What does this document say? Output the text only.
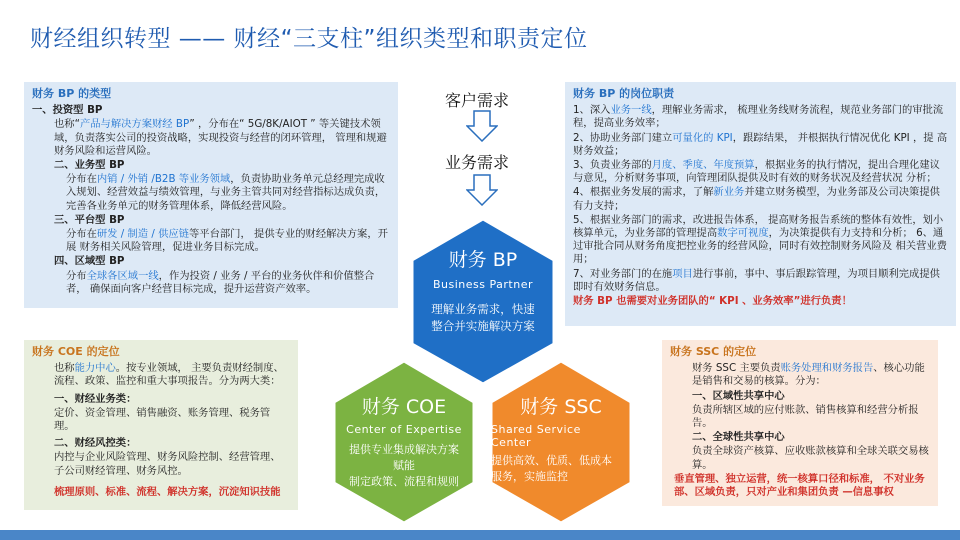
财经组织转型 —— 财经“三支柱”组织类型和职责定位
财务 BP 的类型
一、投资型 BP
也称“产品与解决方案财经 BP” ，分布在“ 5G/8K/AIOT ” 等关键技术领域，负责落实公司的投资战略，实现投资与经营的闭环管理， 管理和规避财务风险和运营风险。
二、业务型 BP
分布在内销 / 外销 /B2B 等业务领域，负责协助业务单元总经理完成收入规划、经营效益与绩效管理，与业务主管共同对经营指标达成负责，完善各业务单元的财务管理体系，降低经营风险。
三、平台型 BP
分布在研发 / 制造 / 供应链等平台部门， 提供专业的财经解决方案，开展 财务相关风险管理，促进业务目标完成。
四、区域型 BP
分布全球各区域一线，作为投资 / 业务 / 平台的业务伙伴和价值整合者， 确保面向客户经营目标完成，提升运营资产效率。
财务 COE 的定位
也称能力中心。按专业领域， 主要负责财经制度、 流程、政策、监控和重大事项报告。分为两大类：
一、财经业务类：
定价、资金管理、销售融资、账务管理、税务管理。
二、财经风控类：
内控与企业风险管理、财务风险控制、经营管理、子公司财经管理、财务风控。
梳理原则、标准、流程、解决方案，沉淀知识技能
财务 BP 的岗位职责
1、深入业务一线，理解业务需求， 梳理业务线财务流程，规范业务部门的审批流程，提高业务效率；
2、协助业务部门建立可量化的 KPI，跟踪结果， 并根据执行情况优化 KPI ，提 高财务效益；
3、负责业务部的月度、季度、年度预算，根据业务的执行情况，提出合理化建议与意见，分析财务事项，向管理团队提供及时有效的财务状况及经营状况 分析；
4、根据业务发展的需求，了解新业务并建立财务模型，为业务部及公司决策提供有力支持；
5、根据业务部门的需求，改进报告体系， 提高财务报告系统的整体有效性，划小核算单元，为业务部的管理提高数字可视度，为决策提供有力支持和分析； 6、通过审批合同从财务角度把控业务的经营风险，同时有效控制财务风险及 相关营业费用；
7、对业务部门的在施项目进行事前，事中、事后跟踪管理，为项目顺利完成提供即时有效财务信息。
财务 BP 也需要对业务团队的“ KPI 、业务效率”进行负责！
财务 SSC 的定位
财务 SSC 主要负责账务处理和财务报告、核心功能是销售和交易的核算。分为：
一、区域性共享中心
负责所辖区域的应付账款、销售核算和经营分析报告。
二、全球性共享中心
负责全球资产核算、应收账款核算和全球关联交易核算。
垂直管理、独立运营，统一核算口径和标准， 不对业务部、区域负责，只对产业和集团负责 —信息事权
客户需求
业务需求
财务 BP
Business Partner
理解业务需求，快速
整合并实施解决方案
财务 COE
Center of Expertise
提供专业集成解决方案
赋能
制定政策、流程和规则
财务 SSC
Shared Service
Center
提供高效、优质、低成本
服务，实施监控
